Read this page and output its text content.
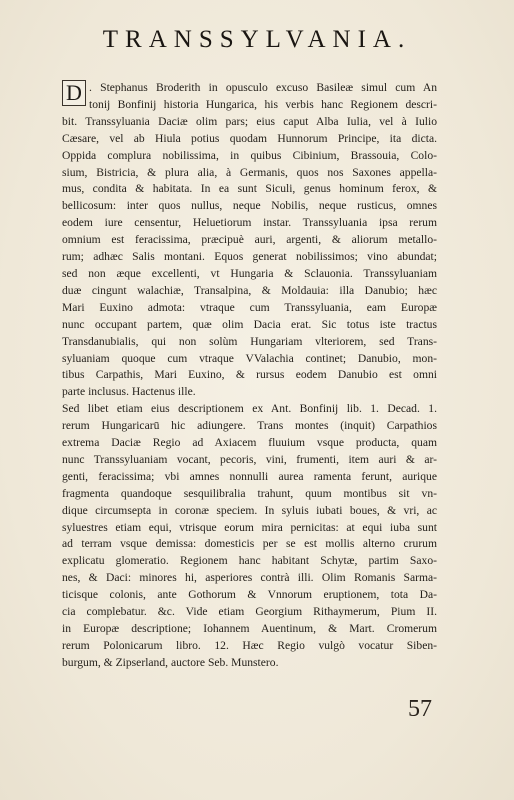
TRANSSYLVANIA.
D . Stephanus Broderith in opusculo excuso Basileæ simul cum An
tonij Bonfinij historia Hungarica, his verbis hanc Regionem descri-
bit. Transsyluania Daciæ olim pars; eius caput Alba Iulia, vel à Iulio
Cæsare, vel ab Hiula potius quodam Hunnorum Principe, ita dicta.
Oppida complura nobilissima, in quibus Cibinium, Brassouia, Colo-
sium, Bistricia, & plura alia, à Germanis, quos nos Saxones appella-
mus, condita & habitata. In ea sunt Siculi, genus hominum ferox, &
bellicosum: inter quos nullus, neque Nobilis, neque rusticus, omnes
eodem iure censentur, Heluetiorum instar. Transsyluania ipsa rerum
omnium est feracissima, præcipuè auri, argenti, & aliorum metallo-
rum; adhæc Salis montani. Equos generat nobilissimos; vino abundat;
sed non æque excellenti, vt Hungaria & Sclauonia. Transsyluaniam
duæ cingunt walachiæ, Transalpina, & Moldauia: illa Danubio; hæc
Mari Euxino admota: vtraque cum Transsyluania, eam Europæ
nunc occupant partem, quæ olim Dacia erat. Sic totus iste tractus
Transdanubialis, qui non solùm Hungariam vlteriorem, sed Trans-
syluaniam quoque cum vtraque VValachia continet; Danubio, mon-
tibus Carpathis, Mari Euxino, & rursus eodem Danubio est omni
parte inclusus. Hactenus ille.
Sed libet etiam eius descriptionem ex Ant. Bonfinij lib. 1. Decad. 1.
rerum Hungaricarū hic adiungere. Trans montes (inquit) Carpathios
extrema Daciæ Regio ad Axiacem fluuium vsque producta, quam
nunc Transsyluaniam vocant, pecoris, vini, frumenti, item auri & ar-
genti, feracissima; vbi amnes nonnulli aurea ramenta ferunt, aurique
fragmenta quandoque sesquilibralia trahunt, quum montibus sit vn-
dique circumsepta in coronæ speciem. In syluis iubati boues, & vri, ac
syluestres etiam equi, vtrisque eorum mira pernicitas: at equi iuba sunt
ad terram vsque demissa: domesticis per se est mollis alterno crurum
explicatu glomeratio. Regionem hanc habitant Schytæ, partim Saxo-
nes, & Daci: minores hi, asperiores contrà illi. Olim Romanis Sarma-
ticisque colonis, ante Gothorum & Vnnorum eruptionem, tota Da-
cia complebatur. &c. Vide etiam Georgium Rithaymerum, Pium II.
in Europæ descriptione; Iohannem Auentinum, & Mart. Cromerum
rerum Polonicarum libro. 12. Hæc Regio vulgò vocatur Siben-
burgum, & Zipserland, auctore Seb. Munstero.
57
